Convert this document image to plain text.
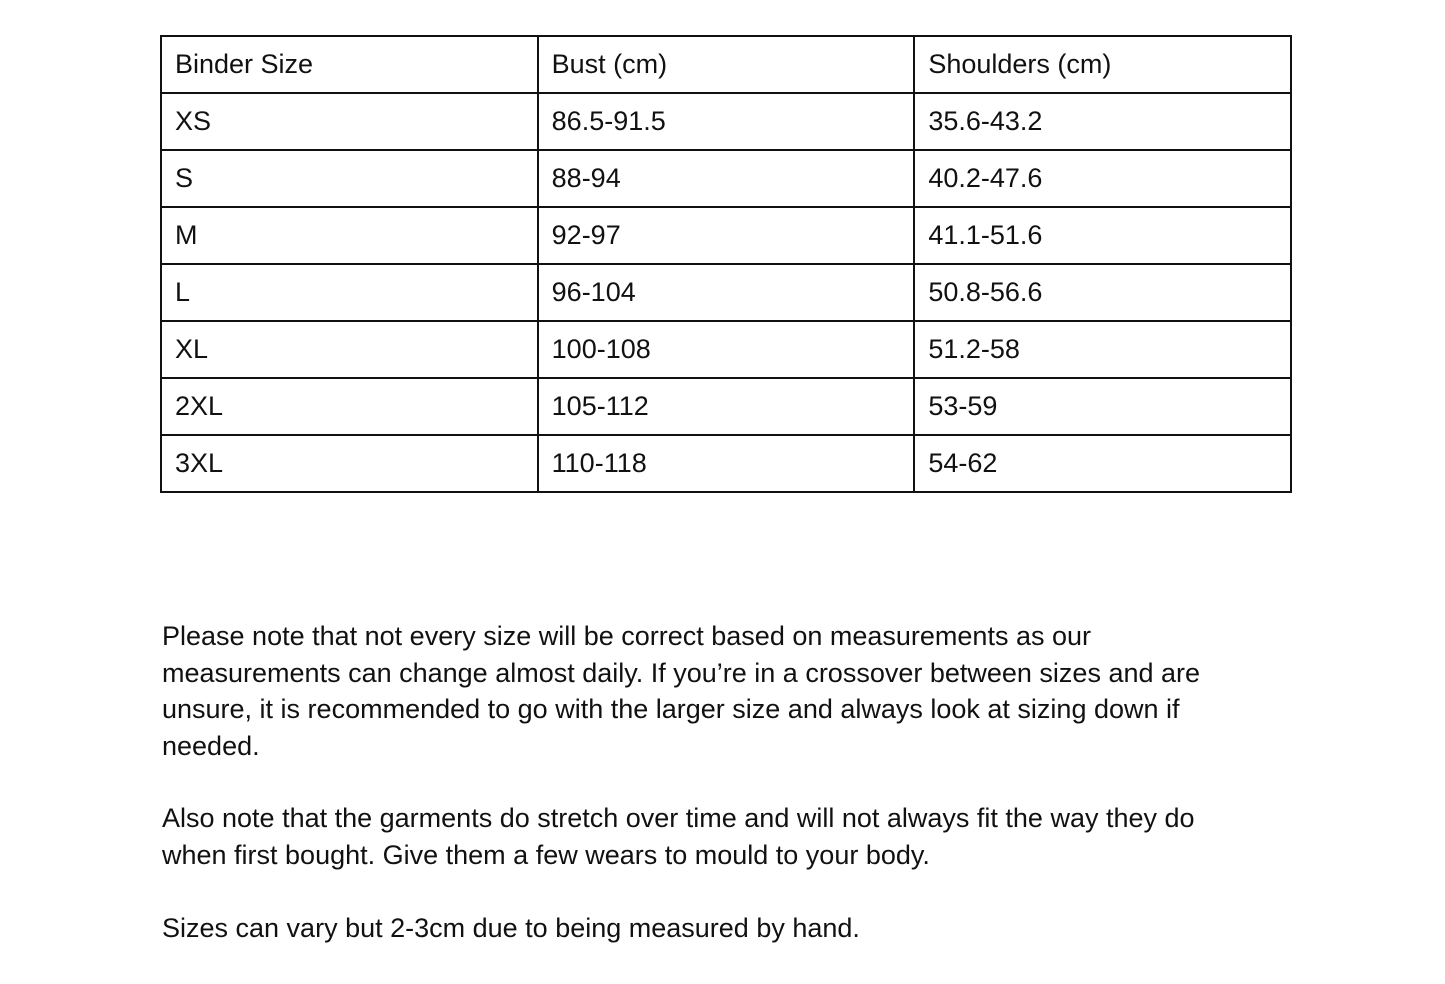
Binder Size	Bust (cm)	Shoulders (cm)
XS	86.5-91.5	35.6-43.2
S	88-94	40.2-47.6
M	92-97	41.1-51.6
L	96-104	50.8-56.6
XL	100-108	51.2-58
2XL	105-112	53-59
3XL	110-118	54-62

Please note that not every size will be correct based on measurements as our measurements can change almost daily. If you’re in a crossover between sizes and are unsure, it is recommended to go with the larger size and always look at sizing down if needed.

Also note that the garments do stretch over time and will not always fit the way they do when first bought. Give them a few wears to mould to your body.

Sizes can vary but 2-3cm due to being measured by hand.
